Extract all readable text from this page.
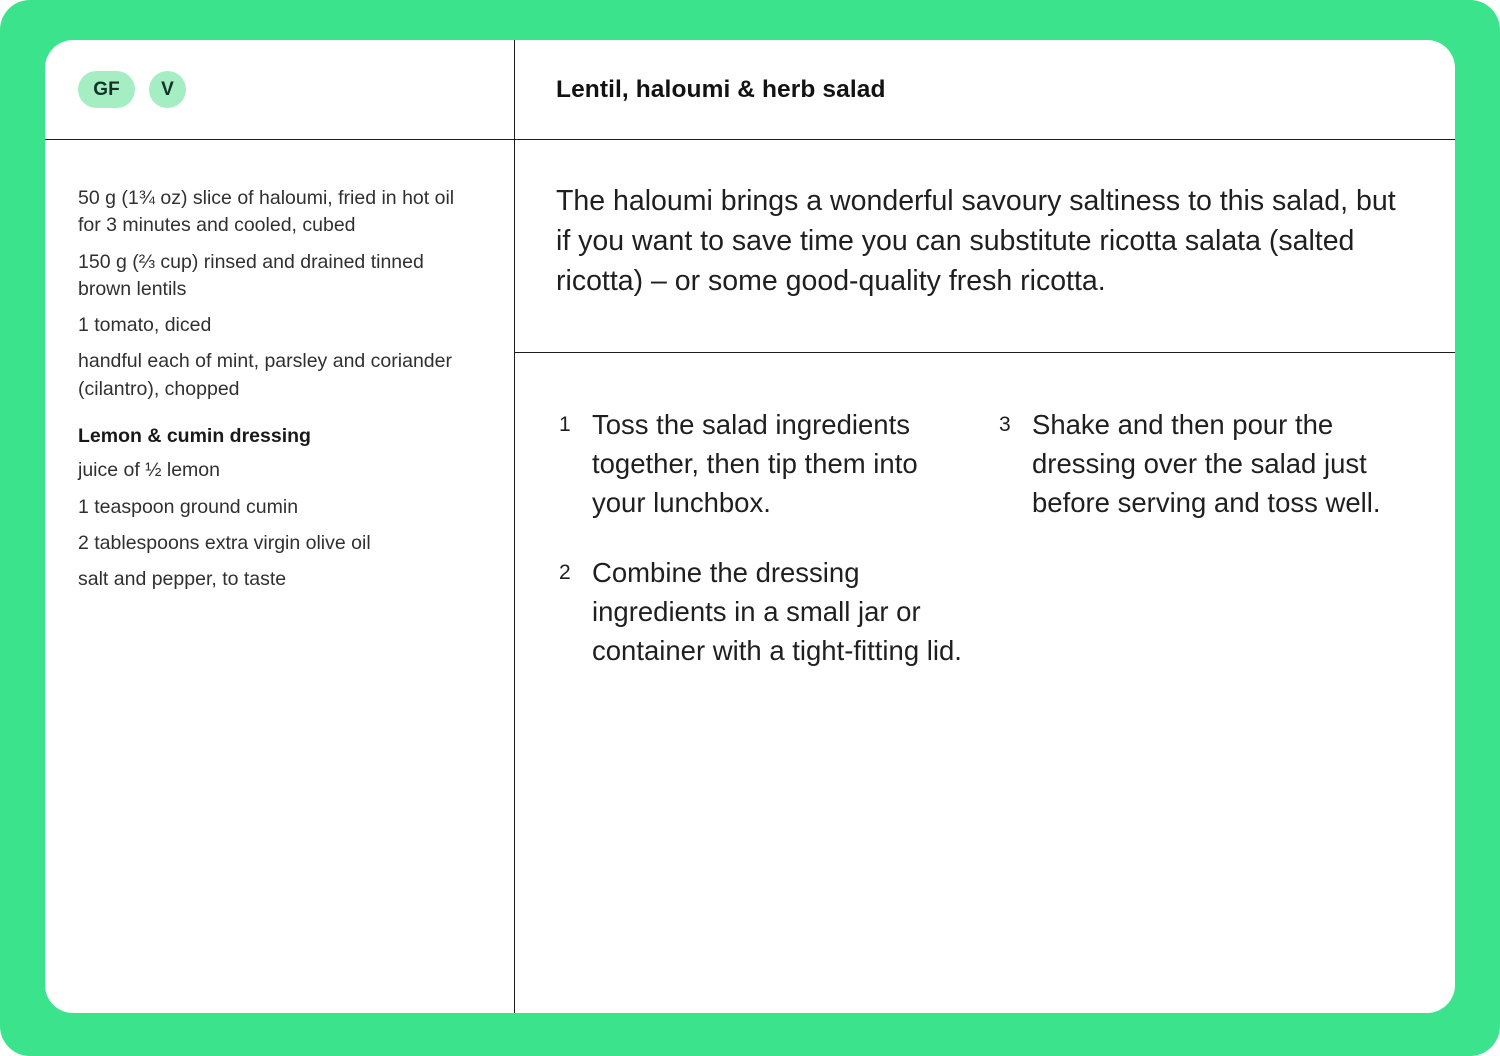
GF	V

50 g (1¾ oz) slice of haloumi, fried in hot oil for 3 minutes and cooled, cubed

150 g (⅔ cup) rinsed and drained tinned brown lentils

1 tomato, diced

handful each of mint, parsley and coriander (cilantro), chopped

Lemon & cumin dressing

juice of ½ lemon

1 teaspoon ground cumin

2 tablespoons extra virgin olive oil

salt and pepper, to taste

Lentil, haloumi & herb salad
The haloumi brings a wonderful savoury saltiness to this salad, but if you want to save time you can substitute ricotta salata (salted ricotta) – or some good-quality fresh ricotta.
1 Toss the salad ingredients together, then tip them into your lunchbox.
2 Combine the dressing ingredients in a small jar or container with a tight-fitting lid.
3 Shake and then pour the dressing over the salad just before serving and toss well.
